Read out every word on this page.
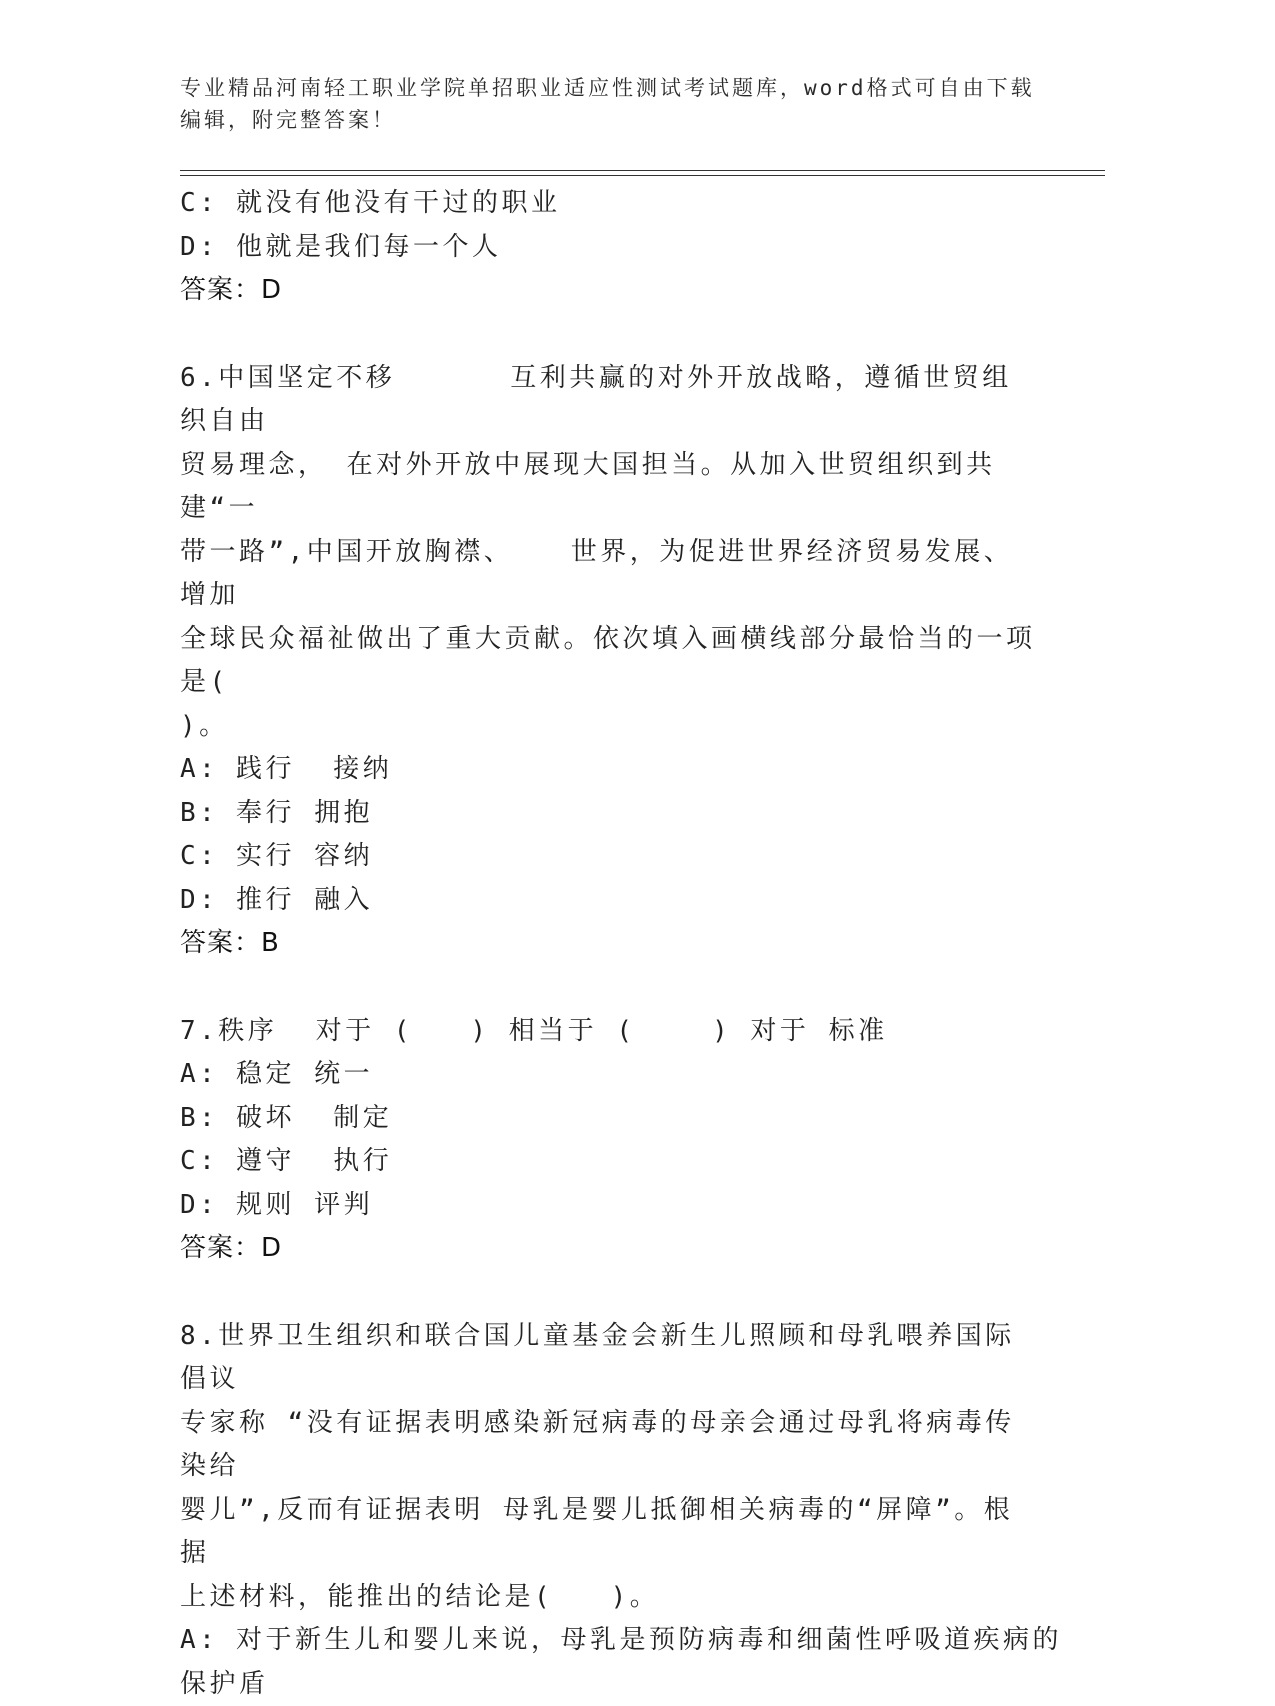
专业精品河南轻工职业学院单招职业适应性测试考试题库，word格式可自由下载
编辑，附完整答案！
C: 就没有他没有干过的职业
D: 他就是我们每一个人
答案：D
6.中国坚定不移      互利共赢的对外开放战略，遵循世贸组织自由
贸易理念， 在对外开放中展现大国担当。从加入世贸组织到共建“一
带一路”,中国开放胸襟、   世界，为促进世界经济贸易发展、增加
全球民众福祉做出了重大贡献。依次填入画横线部分最恰当的一项是(
)。
A: 践行  接纳
B: 奉行 拥抱
C: 实行 容纳
D: 推行 融入
答案：B
7.秩序  对于 (   ) 相当于 (    ) 对于 标准
A: 稳定 统一
B: 破坏  制定
C: 遵守  执行
D: 规则 评判
答案：D
8.世界卫生组织和联合国儿童基金会新生儿照顾和母乳喂养国际倡议
专家称 “没有证据表明感染新冠病毒的母亲会通过母乳将病毒传染给
婴儿”,反而有证据表明 母乳是婴儿抵御相关病毒的“屏障”。根据
上述材料，能推出的结论是(   )。
A: 对于新生儿和婴儿来说，母乳是预防病毒和细菌性呼吸道疾病的
保护盾
